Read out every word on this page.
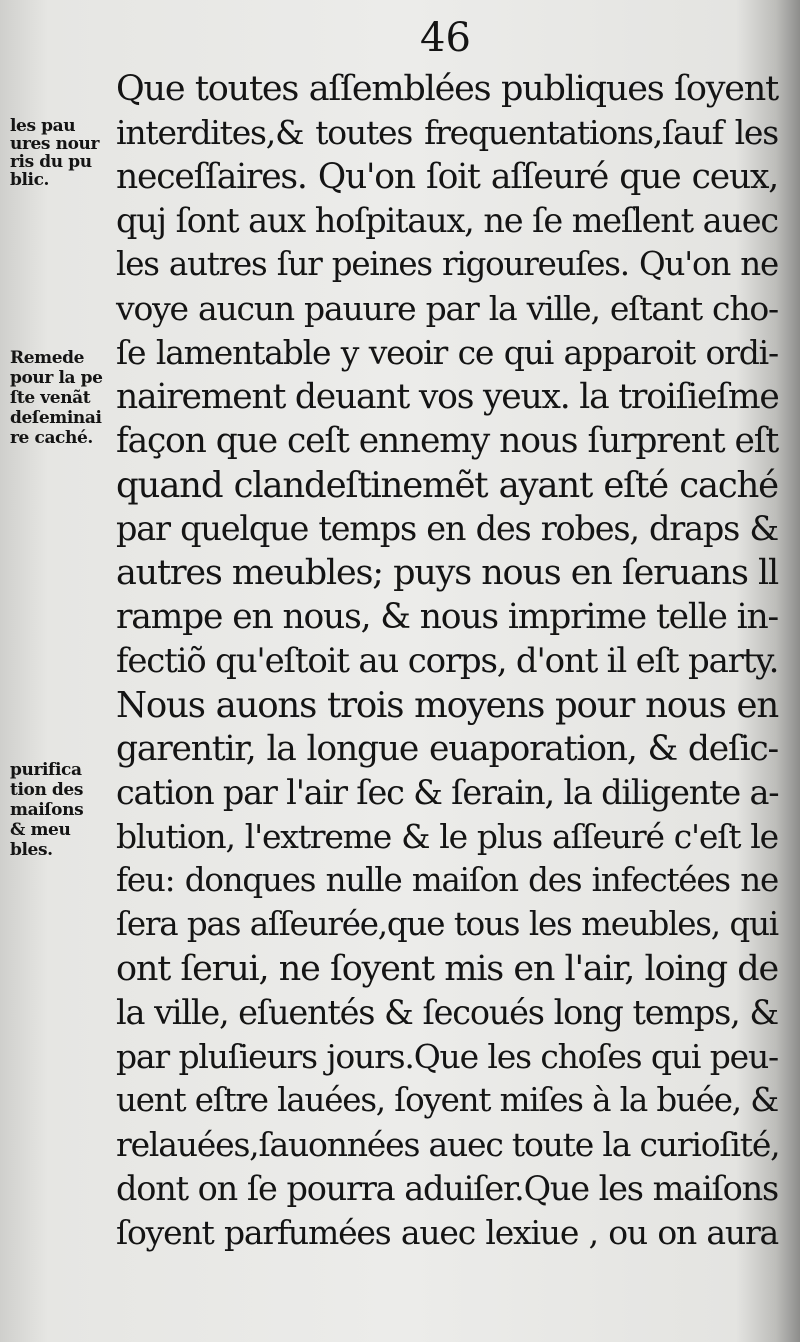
46
Que toutes aſſemblées publiques ſoyent
interdites,& toutes frequentations,ſauf les
neceſſaires. Qu'on ſoit aſſeuré que ceux,
quj ſont aux hoſpitaux, ne ſe meſlent auec
les autres ſur peines rigoureuſes. Qu'on ne
voye aucun pauure par la ville, eſtant cho-
ſe lamentable y veoir ce qui apparoit ordi-
nairement deuant vos yeux. la troiſieſme
façon que ceſt ennemy nous ſurprent eſt
quand clandeſtinemẽt ayant eſté caché
par quelque temps en des robes, draps &
autres meubles; puys nous en ſeruans ll
rampe en nous, & nous imprime telle in-
fectiõ qu'eſtoit au corps, d'ont il eſt party.
Nous auons trois moyens pour nous en
garentir, la longue euaporation, & deſic-
cation par l'air ſec & ſerain, la diligente a-
blution, l'extreme & le plus aſſeuré c'eſt le
feu: donques nulle maiſon des infectées ne
ſera pas aſſeurée,que tous les meubles, qui
ont ſerui, ne ſoyent mis en l'air, loing de
la ville, eſuentés & ſecoués long temps, &
par pluſieurs jours.Que les choſes qui peu-
uent eſtre lauées, ſoyent miſes à la buée, &
relauées,ſauonnées auec toute la curioſité,
dont on ſe pourra aduiſer.Que les maiſons
ſoyent parfumées auec lexiue , ou on aura
les pau
ures nour
ris du pu
blic.
Remede
pour la pe
ſte venãt
deſeminai
re caché.
purifica
tion des
maiſons
& meu
bles.
